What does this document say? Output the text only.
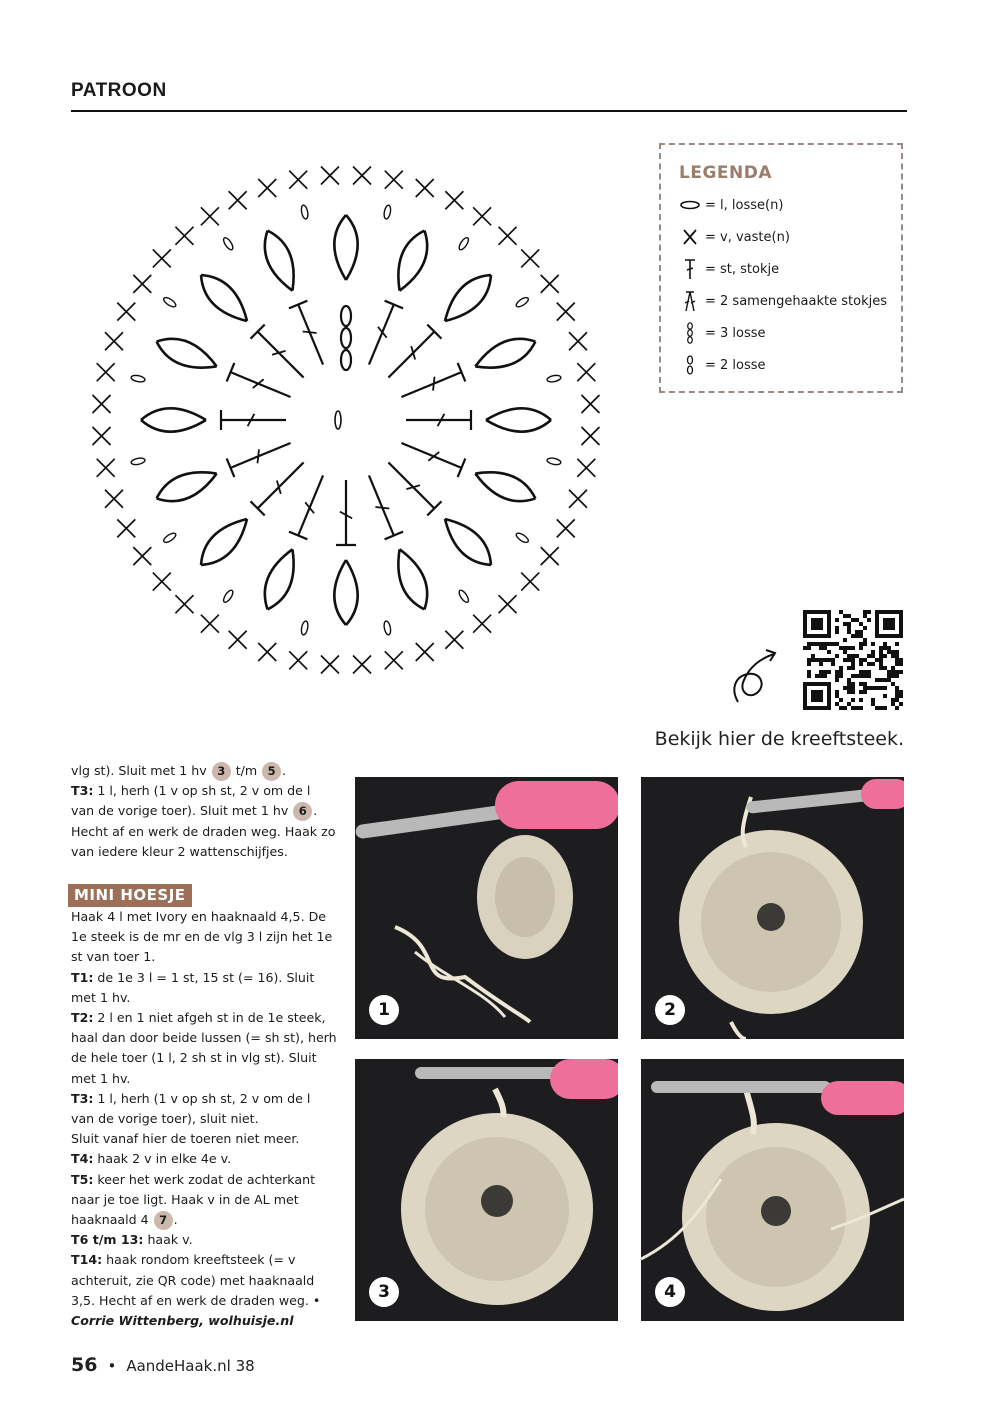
PATROON
LEGENDA
= l, losse(n)
= v, vaste(n)
= st, stokje
= 2 samengehaakte stokjes
= 3 losse
= 2 losse
Bekijk hier de kreeftsteek.

vlg st). Sluit met 1 hv 3 t/m 5 .

T3: 1 l, herh (1 v op sh st, 2 v om de l van de vorige toer). Sluit met 1 hv 6 .

Hecht af en werk de draden weg. Haak zo van iedere kleur 2 wattenschijfjes.

MINI HOESJE

Haak 4 l met Ivory en haaknaald 4,5. De 1e steek is de mr en de vlg 3 l zijn het 1e st van toer 1.

T1: de 1e 3 l = 1 st, 15 st (= 16). Sluit met 1 hv.

T2: 2 l en 1 niet afgeh st in de 1e steek, haal dan door beide lussen (= sh st), herh de hele toer (1 l, 2 sh st in vlg st). Sluit met 1 hv.

T3: 1 l, herh (1 v op sh st, 2 v om de l van de vorige toer), sluit niet.

Sluit vanaf hier de toeren niet meer.

T4: haak 2 v in elke 4e v.

T5: keer het werk zodat de achterkant naar je toe ligt. Haak v in de AL met haaknaald 4 7 .

T6 t/m 13: haak v.

T14: haak rondom kreeftsteek (= v achteruit, zie QR code) met haaknaald 3,5. Hecht af en werk de draden weg. •

Corrie Wittenberg, wolhuisje.nl

1	2
3	4
56 • AandeHaak.nl 38
